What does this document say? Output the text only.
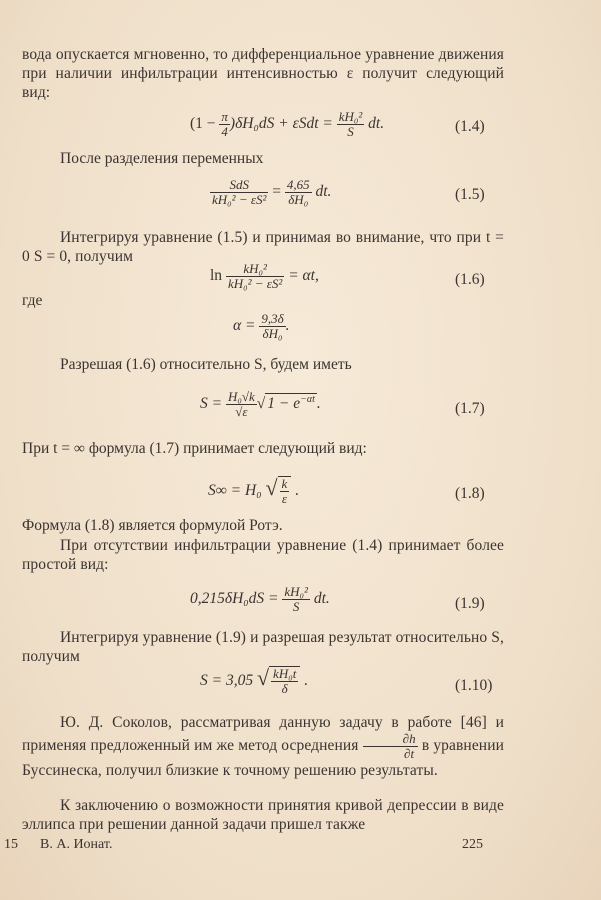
вода опускается мгновенно, то дифференциальное уравнение движения при наличии инфильтрации интенсивностью ε получит следующий вид:
$(1 - \frac{\pi}{4} )\delta H_0dS + \varepsilon Sdt = \frac{\text{kH₀²}}{S}$ dt.	(1.4)
После разделения переменных
$\frac{\text{SdS}}{\text{kH₀² − εS²}} = \frac{4,65}{\text{δH₀}}$ dt.	(1.5)
Интегрируя уравнение (1.5) и принимая во внимание, что при t = 0 S = 0, получим
$\ln \frac{\text{kH₀²}}{\text{kH₀² − εS²}} = \alpha t$,	(1.6)
где
$\alpha = \frac{9,3\delta}{\text{δH₀}}$ .
Разрешая (1.6) относительно S, будем иметь
$S = \frac{\text{H₀√k}}{√\varepsilon}$ √ $1 - e^{-\alpha t}$ .	(1.7)
При t = ∞ формула (1.7) принимает следующий вид:
S∞ = H₀ √ $\frac{k}{\varepsilon}$ .	(1.8)
Формула (1.8) является формулой Ротэ.
При отсутствии инфильтрации уравнение (1.4) принимает более простой вид:
$0,215\delta H_0dS = \frac{\text{kH₀²}}{S}$ dt.	(1.9)
Интегрируя уравнение (1.9) и разрешая результат относительно S, получим
S = 3,05 √ $\frac{\text{kH₀t}}{\delta}$ .	(1.10)
Ю. Д. Соколов, рассматривая данную задачу в работе [46] и применяя предложенный им же метод осреднения $\frac{\partial h}{\partial t}$ в уравнении Буссинеска, получил близкие к точному решению результаты.
К заключению о возможности принятия кривой депрессии в виде эллипса при решении данной задачи пришел также
15 В. А. Ионат.	225
